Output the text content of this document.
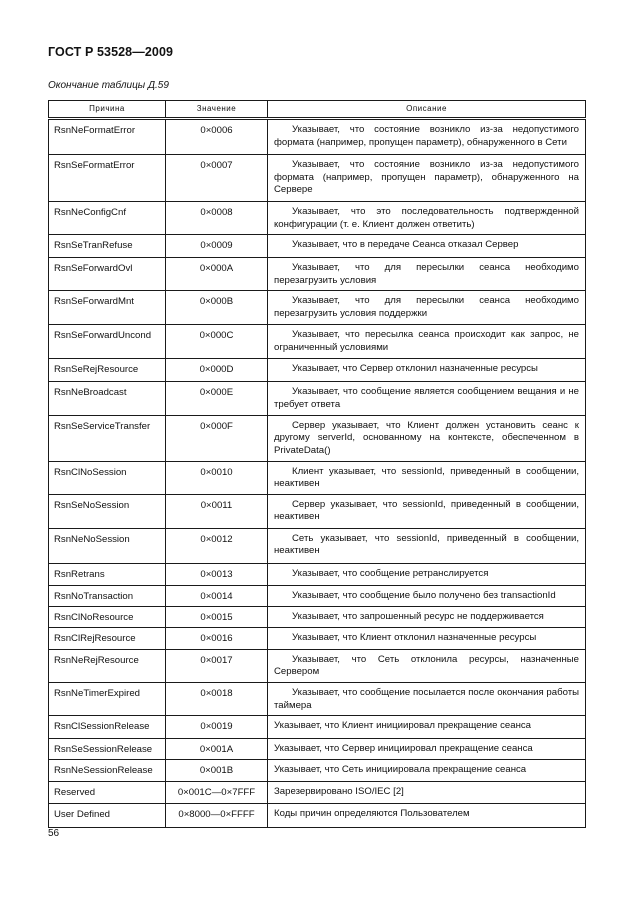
ГОСТ Р 53528—2009
Окончание таблицы Д.59
Причина	Значение	Описание
RsnNeFormatError	0×0006	Указывает, что состояние возникло из-за недопустимого формата (например, пропущен параметр), обнаруженного в Сети
RsnSeFormatError	0×0007	Указывает, что состояние возникло из-за недопустимого формата (например, пропущен параметр), обнаруженного на Сервере
RsnNeConfigCnf	0×0008	Указывает, что это последовательность подтвержденной конфигурации (т. е. Клиент должен ответить)
RsnSeTranRefuse	0×0009	Указывает, что в передаче Сеанса отказал Сервер
RsnSeForwardOvl	0×000A	Указывает, что для пересылки сеанса необходимо перезагрузить условия
RsnSeForwardMnt	0×000B	Указывает, что для пересылки сеанса необходимо перезагрузить условия поддержки
RsnSeForwardUncond	0×000C	Указывает, что пересылка сеанса происходит как запрос, не ограниченный условиями
RsnSeRejResource	0×000D	Указывает, что Сервер отклонил назначенные ресурсы
RsnNeBroadcast	0×000E	Указывает, что сообщение является сообщением вещания и не требует ответа
RsnSeServiceTransfer	0×000F	Сервер указывает, что Клиент должен установить сеанс к другому serverId, основанному на контексте, обеспеченном в PrivateData()
RsnClNoSession	0×0010	Клиент указывает, что sessionId, приведенный в сообщении, неактивен
RsnSeNoSession	0×0011	Сервер указывает, что sessionId, приведенный в сообщении, неактивен
RsnNeNoSession	0×0012	Сеть указывает, что sessionId, приведенный в сообщении, неактивен
RsnRetrans	0×0013	Указывает, что сообщение ретранслируется
RsnNoTransaction	0×0014	Указывает, что сообщение было получено без transactionId
RsnClNoResource	0×0015	Указывает, что запрошенный ресурс не поддерживается
RsnClRejResource	0×0016	Указывает, что Клиент отклонил назначенные ресурсы
RsnNeRejResource	0×0017	Указывает, что Сеть отклонила ресурсы, назначенные Сервером
RsnNeTimerExpired	0×0018	Указывает, что сообщение посылается после окончания работы таймера
RsnClSessionRelease	0×0019	Указывает, что Клиент инициировал прекращение сеанса
RsnSeSessionRelease	0×001A	Указывает, что Сервер инициировал прекращение сеанса
RsnNeSessionRelease	0×001B	Указывает, что Сеть инициировала прекращение сеанса
Reserved	0×001C—0×7FFF	Зарезервировано ISO/IEC [2]
User Defined	0×8000—0×FFFF	Коды причин определяются Пользователем
56
